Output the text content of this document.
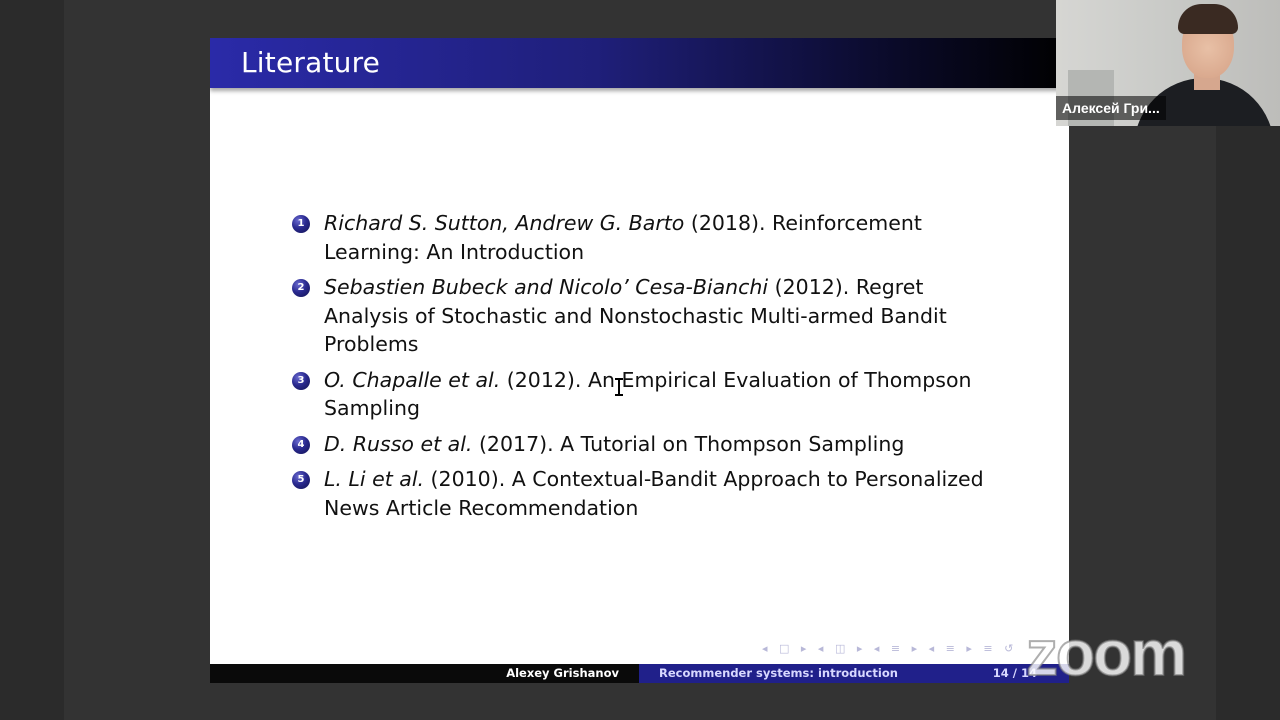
Literature
1 Richard S. Sutton, Andrew G. Barto (2018). Reinforcement Learning: An Introduction
2 Sebastien Bubeck and Nicolo’ Cesa-Bianchi (2012). Regret Analysis of Stochastic and Nonstochastic Multi-armed Bandit Problems
3 O. Chapalle et al. (2012). An Empirical Evaluation of Thompson Sampling
4 D. Russo et al. (2017). A Tutorial on Thompson Sampling
5 L. Li et al. (2010). A Contextual-Bandit Approach to Personalized News Article Recommendation
◂ □ ▸ ◂ ◫ ▸ ◂ ≡ ▸ ◂ ≡ ▸ ≡ ↺
Alexey Grishanov	Recommender systems: introduction	14 / 14
Алексей Гри...
zoom
